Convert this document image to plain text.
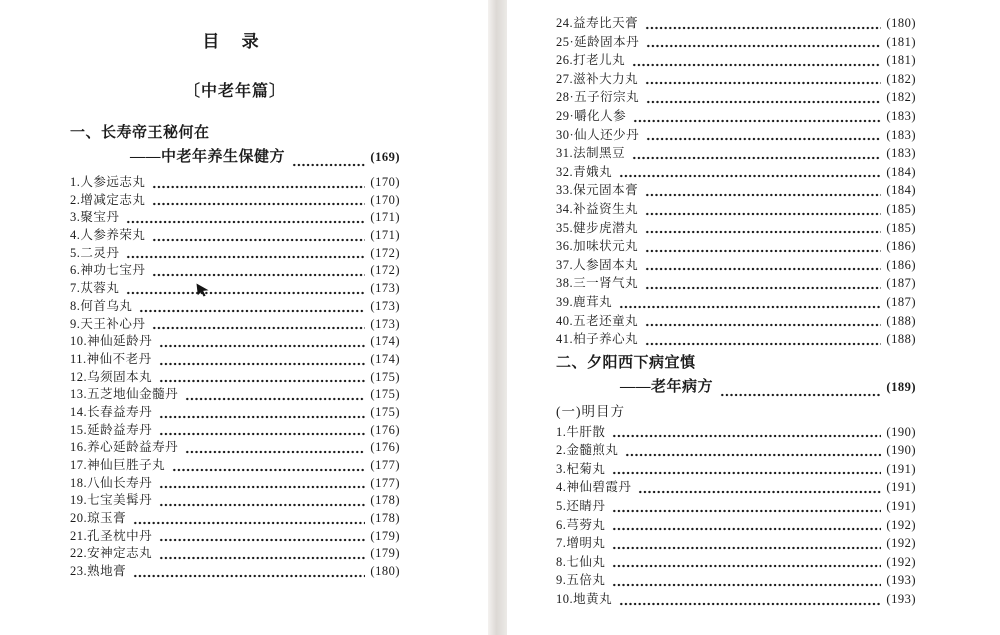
目 录
〔中老年篇〕
一、长寿帝王秘何在
——中老年养生保健方	(169)
1.人参远志丸	(170)
2.增减定志丸	(170)
3.聚宝丹	(171)
4.人参养荣丸	(171)
5.二灵丹	(172)
6.神功七宝丹	(172)
7.苁蓉丸	(173)
8.何首乌丸	(173)
9.天王补心丹	(173)
10.神仙延龄丹	(174)
11.神仙不老丹	(174)
12.乌须固本丸	(175)
13.五芝地仙金髓丹	(175)
14.长春益寿丹	(175)
15.延龄益寿丹	(176)
16.养心延龄益寿丹	(176)
17.神仙巨胜子丸	(177)
18.八仙长寿丹	(177)
19.七宝美髯丹	(178)
20.琼玉膏	(178)
21.孔圣枕中丹	(179)
22.安神定志丸	(179)
23.熟地膏	(180)
24.益寿比天膏	(180)
25·延龄固本丹	(181)
26.打老儿丸	(181)
27.滋补大力丸	(182)
28·五子衍宗丸	(182)
29·嚼化人参	(183)
30·仙人还少丹	(183)
31.法制黑豆	(183)
32.青娥丸	(184)
33.保元固本膏	(184)
34.补益资生丸	(185)
35.健步虎潜丸	(185)
36.加味状元丸	(186)
37.人参固本丸	(186)
38.三一肾气丸	(187)
39.鹿茸丸	(187)
40.五老还童丸	(188)
41.柏子养心丸	(188)
二、夕阳西下病宜慎
——老年病方	(189)
(一)明目方
1.牛肝散	(190)
2.金髓煎丸	(190)
3.杞菊丸	(191)
4.神仙碧霞丹	(191)
5.还睛丹	(191)
6.芎䓖丸	(192)
7.增明丸	(192)
8.七仙丸	(192)
9.五倍丸	(193)
10.地黄丸	(193)
